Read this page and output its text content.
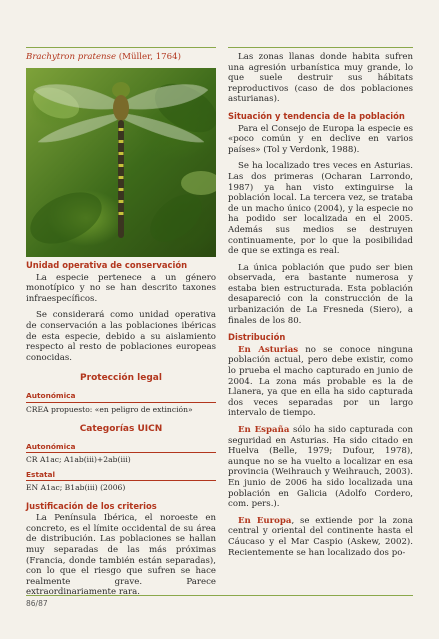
Brachytron pratense (Müller, 1764)
Unidad operativa de conservación

La especie pertenece a un género monotípico y no se han descrito taxones infraespecíficos.

Se considerará como unidad operativa de conservación a las poblaciones ibéricas de esta especie, debido a su aislamiento respecto al resto de poblaciones europeas conocidas.

Protección legal
Autonómica
CREA propuesto: «en peligro de extinción»
Categorías UICN
Autonómica
CR A1ac; A1ab(iii)+2ab(iii)
Estatal
EN A1ac; B1ab(iii) (2006)
Justificación de los criterios

La Península Ibérica, el noroeste en concreto, es el límite occidental de su área de distribución. Las poblaciones se hallan muy separadas de las más próximas (Francia, donde también están separadas), con lo que el riesgo que sufren se hace realmente grave. Parece extraordinariamente rara.

Las zonas llanas donde habita sufren una agresión urbanística muy grande, lo que suele destruir sus hábitats reproductivos (caso de dos poblaciones asturianas).

Situación y tendencia de la población

Para el Consejo de Europa la especie es «poco común y en declive en varios países» (Tol y Verdonk, 1988).

Se ha localizado tres veces en Asturias. Las dos primeras (Ocharan Larrondo, 1987) ya han visto extinguirse la población local. La tercera vez, se trataba de un macho único (2004), y la especie no ha podido ser localizada en el 2005. Además sus medios se destruyen continuamente, por lo que la posibilidad de que se extinga es real.

La única población que pudo ser bien observada, era bastante numerosa y estaba bien estructurada. Esta población desapareció con la construcción de la urbanización de La Fresneda (Siero), a finales de los 80.

Distribución

En Asturias no se conoce ninguna población actual, pero debe existir, como lo prueba el macho capturado en junio de 2004. La zona más probable es la de Llanera, ya que en ella ha sido capturada dos veces separadas por un largo intervalo de tiempo.

En España sólo ha sido capturada con seguridad en Asturias. Ha sido citado en Huelva (Belle, 1979; Dufour, 1978), aunque no se ha vuelto a localizar en esa provincia (Weihrauch y Weihrauch, 2003). En junio de 2006 ha sido localizada una población en Galicia (Adolfo Cordero, com. pers.).

En Europa, se extiende por la zona central y oriental del continente hasta el Cáucaso y el Mar Caspio (Askew, 2002). Recientemente se han localizado dos po-

86/87
